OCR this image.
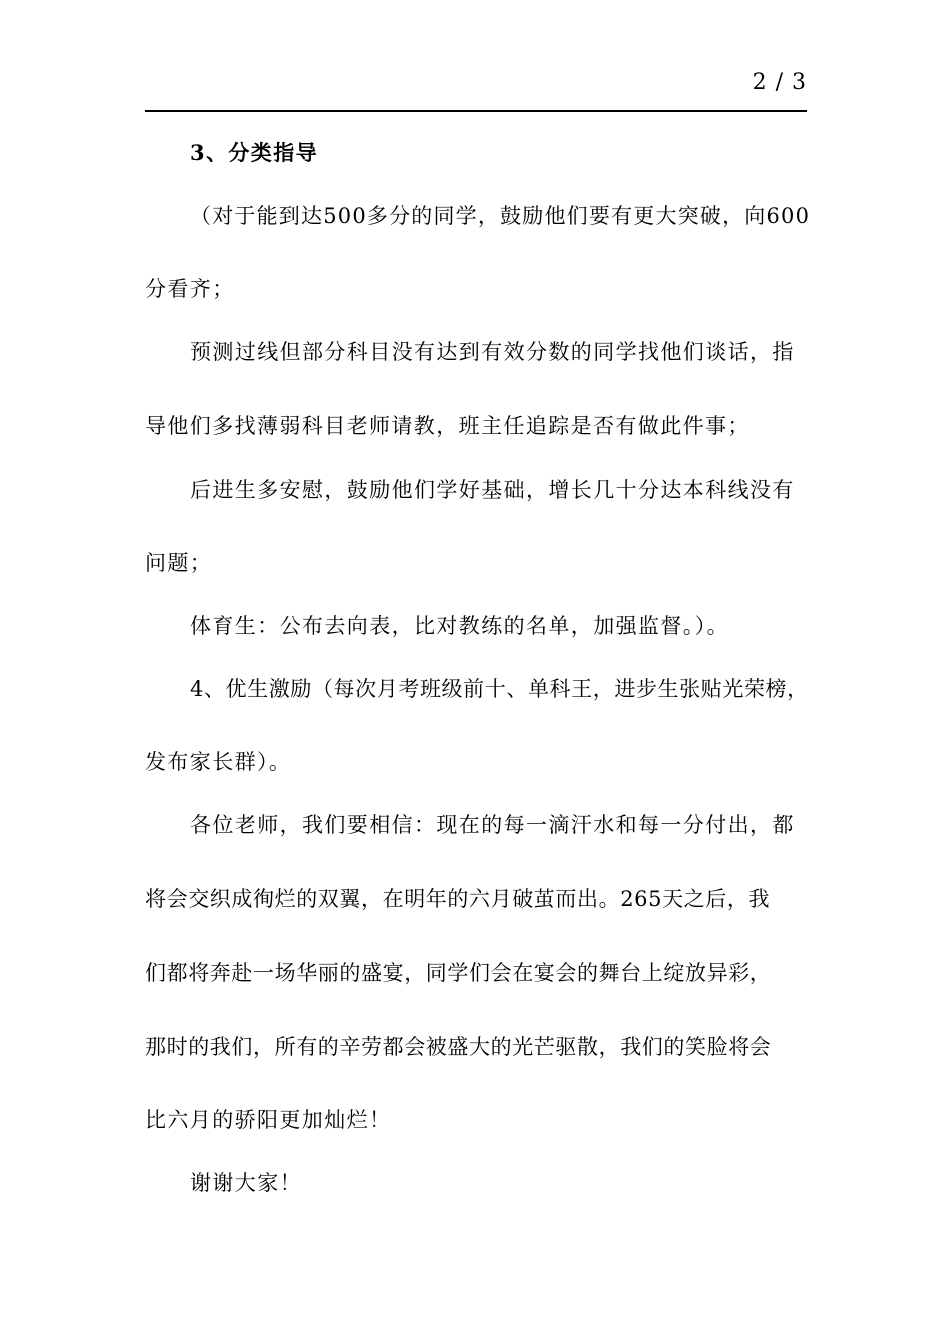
2 / 3
3、分类指导
（对于能到达500多分的同学，鼓励他们要有更大突破，向600
分看齐；
预测过线但部分科目没有达到有效分数的同学找他们谈话，指
导他们多找薄弱科目老师请教，班主任追踪是否有做此件事；
后进生多安慰，鼓励他们学好基础，增长几十分达本科线没有
问题；
体育生：公布去向表，比对教练的名单，加强监督。）。
4、优生激励（每次月考班级前十、单科王，进步生张贴光荣榜，
发布家长群）。
各位老师，我们要相信：现在的每一滴汗水和每一分付出，都
将会交织成徇烂的双翼，在明年的六月破茧而出。265天之后，我
们都将奔赴一场华丽的盛宴，同学们会在宴会的舞台上绽放异彩，
那时的我们，所有的辛劳都会被盛大的光芒驱散，我们的笑脸将会
比六月的骄阳更加灿烂！
谢谢大家！
